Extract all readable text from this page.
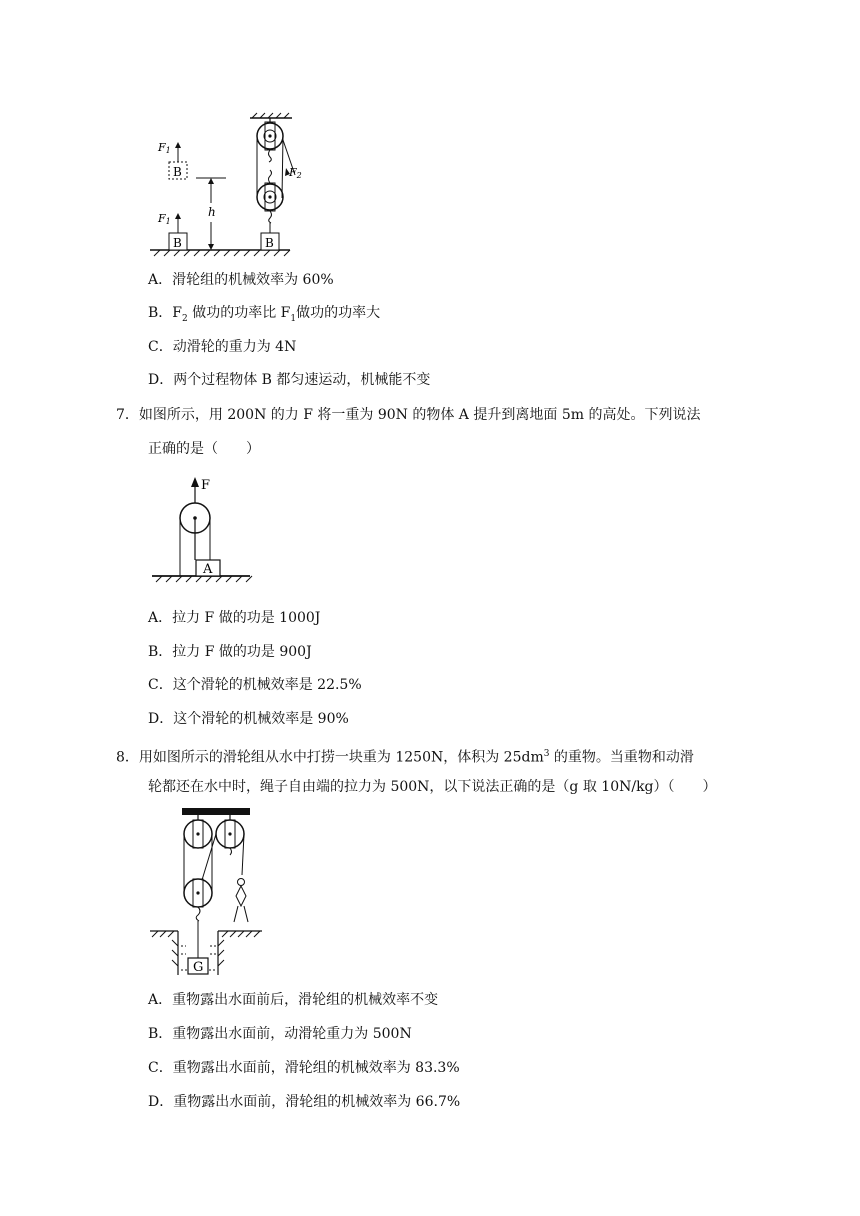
B
B
F1
F1
h
F2
B
A．滑轮组的机械效率为 60%
B．$F_2$ 做功的功率比 $F_1$做功的功率大
C．动滑轮的重力为 4N
D．两个过程物体 B 都匀速运动，机械能不变
7．如图所示，用 200N 的力 F 将一重为 90N 的物体 A 提升到离地面 5m 的高处。下列说法
正确的是（　　）
F
A
A．拉力 F 做的功是 1000J
B．拉力 F 做的功是 900J
C．这个滑轮的机械效率是 22.5%
D．这个滑轮的机械效率是 90%
8．用如图所示的滑轮组从水中打捞一块重为 1250N，体积为 $25dm^3$ 的重物。当重物和动滑
轮都还在水中时，绳子自由端的拉力为 500N，以下说法正确的是（g 取 10N/kg）（　　）
G
A．重物露出水面前后，滑轮组的机械效率不变
B．重物露出水面前，动滑轮重力为 500N
C．重物露出水面前，滑轮组的机械效率为 83.3%
D．重物露出水面前，滑轮组的机械效率为 66.7%
